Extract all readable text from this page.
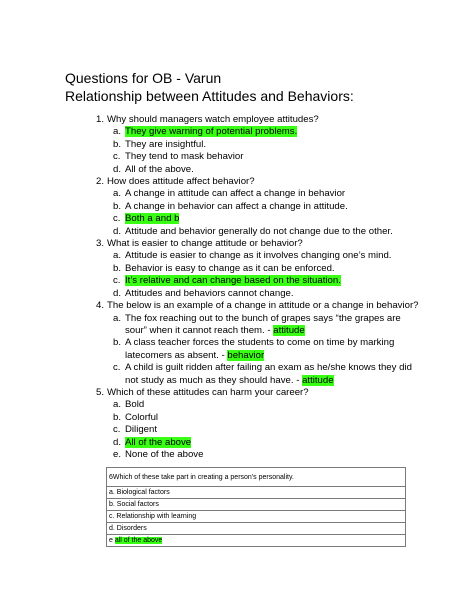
Questions for OB - Varun
Relationship between Attitudes and Behaviors:
1. Why should managers watch employee attitudes?
a. They give warning of potential problems.
b. They are insightful.
c. They tend to mask behavior
d. All of the above.
2. How does attitude affect behavior?
a. A change in attitude can affect a change in behavior
b. A change in behavior can affect a change in attitude.
c. Both a and b
d. Attitude and behavior generally do not change due to the other.
3. What is easier to change attitude or behavior?
a. Attitude is easier to change as it involves changing one’s mind.
b. Behavior is easy to change as it can be enforced.
c. It’s relative and can change based on the situation.
d. Attitudes and behaviors cannot change.
4. The below is an example of a change in attitude or a change in behavior?
a. The fox reaching out to the bunch of grapes says “the grapes are sour” when it cannot reach them. - attitude
b. A class teacher forces the students to come on time by marking latecomers as absent. - behavior
c. A child is guilt ridden after failing an exam as he/she knows they did not study as much as they should have. - attitude
5. Which of these attitudes can harm your career?
a. Bold
b. Colorful
c. Diligent
d. All of the above
e. None of the above
6Which of these take part in creating a person's personality.
a. Biological factors
b. Social factors
c. Relationship with learning
d. Disorders
e all of the above
